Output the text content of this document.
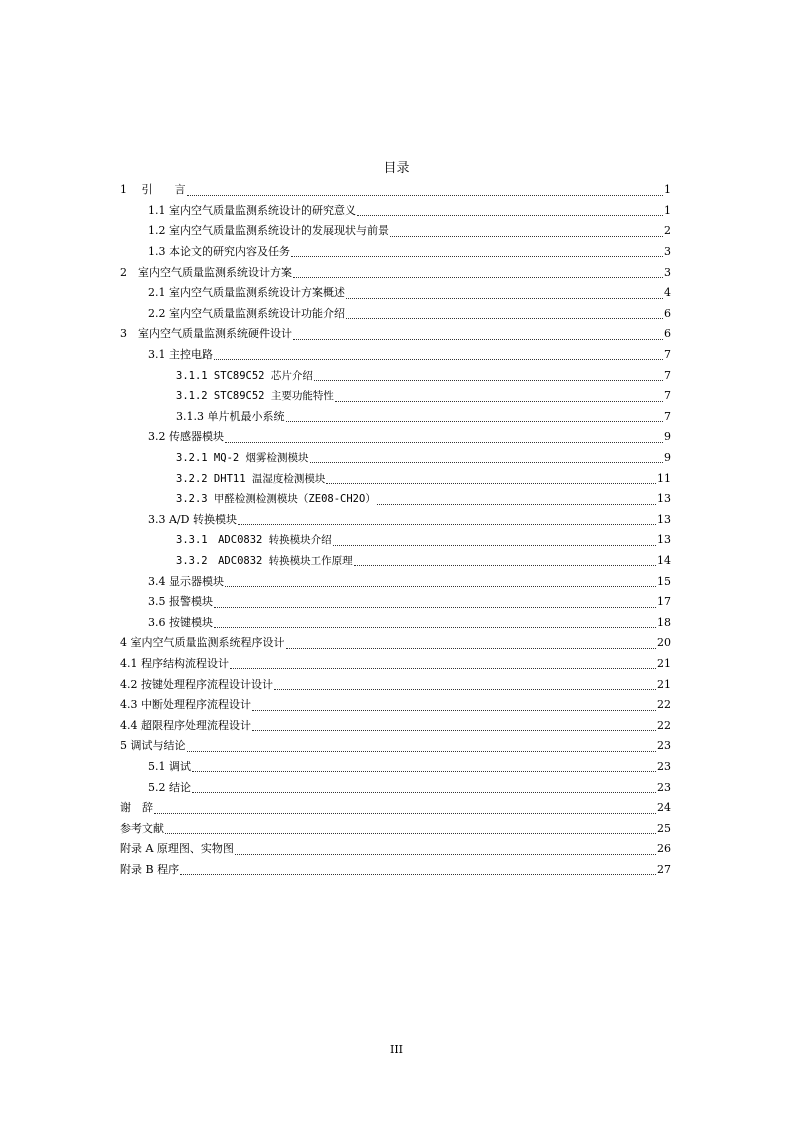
目录
1　 引　　言	1
1.1 室内空气质量监测系统设计的研究意义	1
1.2 室内空气质量监测系统设计的发展现状与前景	2
1.3 本论文的研究内容及任务	3
2　室内空气质量监测系统设计方案	3
2.1 室内空气质量监测系统设计方案概述	4
2.2 室内空气质量监测系统设计功能介绍	6
3　室内空气质量监测系统硬件设计	6
3.1 主控电路	7
3.1.1 STC89C52 芯片介绍	7
3.1.2 STC89C52 主要功能特性	7
3.1.3 单片机最小系统	7
3.2 传感器模块	9
3.2.1 MQ-2 烟雾检测模块	9
3.2.2 DHT11 温湿度检测模块	11
3.2.3 甲醛检测检测模块（ZE08-CH2O）	13
3.3 A/D 转换模块	13
3.3.1　ADC0832 转换模块介绍	13
3.3.2　ADC0832 转换模块工作原理	14
3.4 显示器模块	15
3.5 报警模块	17
3.6 按键模块	18
4 室内空气质量监测系统程序设计	20
4.1 程序结构流程设计	21
4.2 按键处理程序流程设计设计	21
4.3 中断处理程序流程设计	22
4.4 超限程序处理流程设计	22
5 调试与结论	23
5.1 调试	23
5.2 结论	23
谢　辞	24
参考文献	25
附录 A 原理图、实物图	26
附录 B 程序	27
III
